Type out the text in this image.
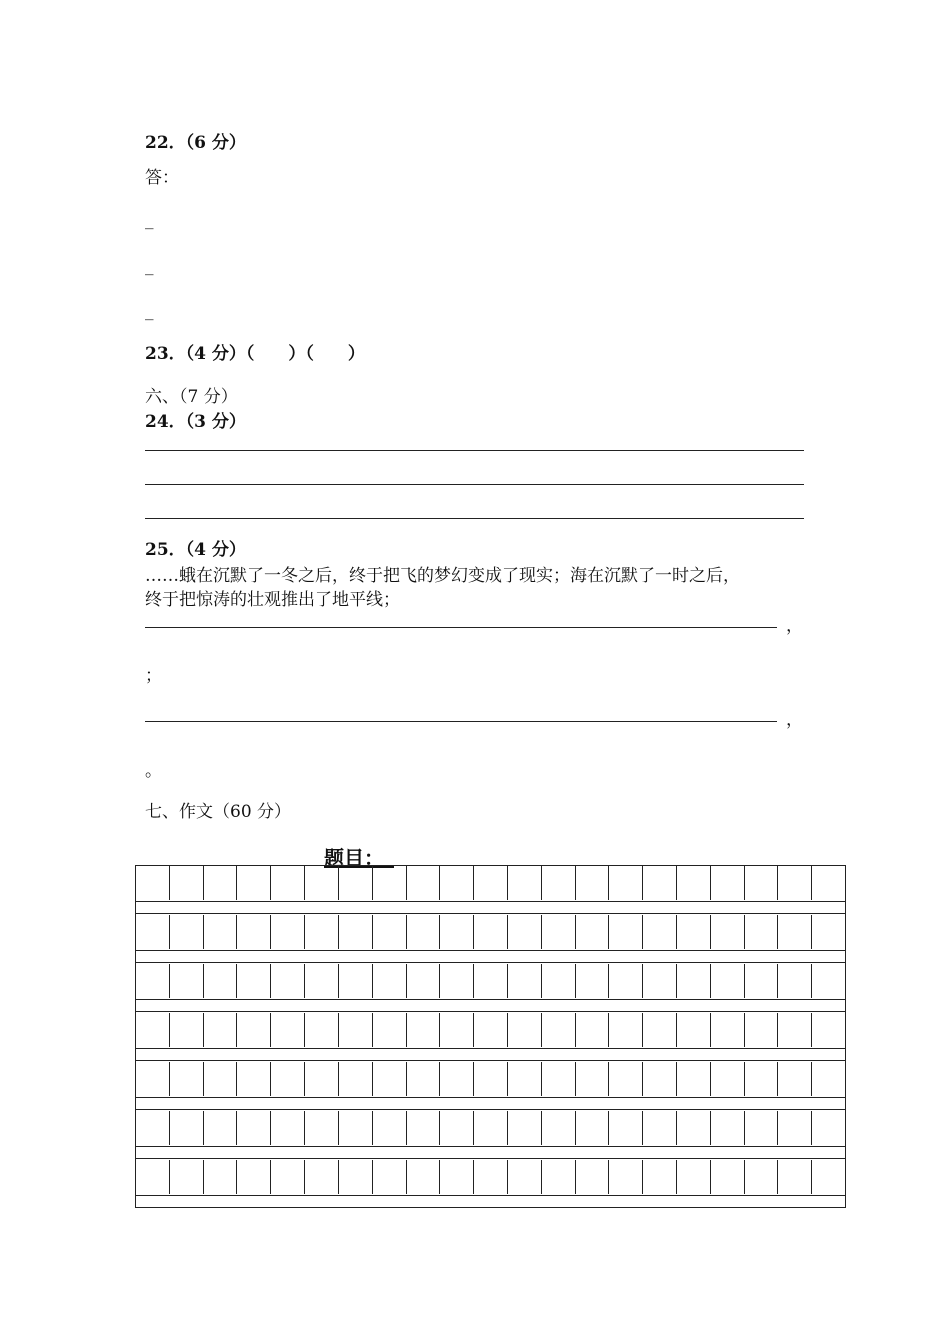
22．（6 分）
答：
_
_
_
23．（4 分）（　　）（　　）
六、（7 分）
24．（3 分）
25．（4 分）
……蛾在沉默了一冬之后，终于把飞的梦幻变成了现实；海在沉默了一时之后，
终于把惊涛的壮观推出了地平线；
，
；
，
。
七、作文（60 分）
题目：　
